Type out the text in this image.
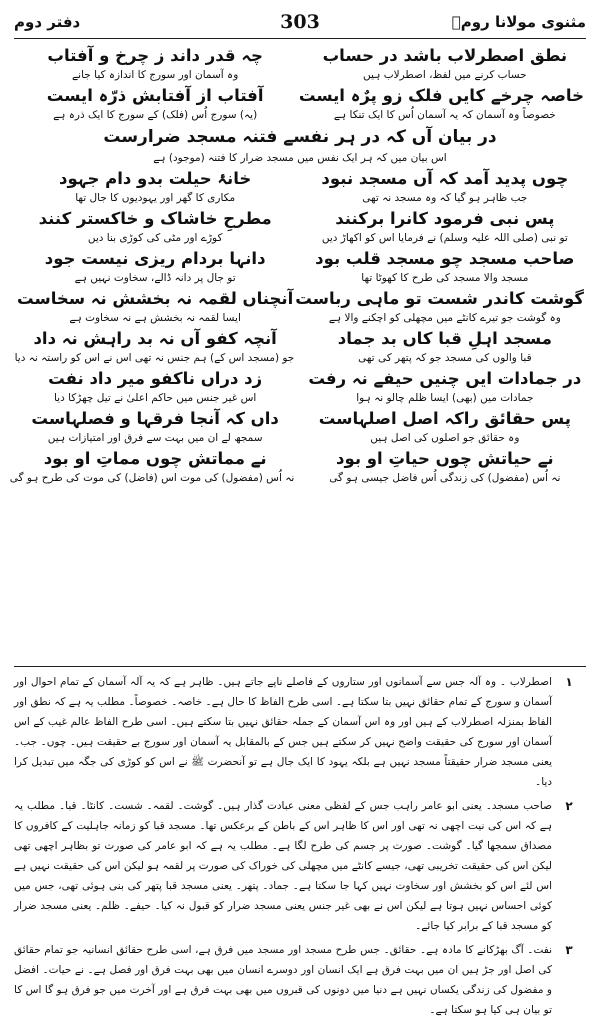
مثنوی مولانا رومؒ
303
دفتر دوم
نطق اصطرلاب باشد در حساب
حساب کرنے میں لفظ، اصطرلاب ہیں
چہ قدر داند ز چرخ و آفتاب
وہ آسمان اور سورج کا اندازہ کیا جانے
خاصہ چرخے کایں فلک زو پرٌہ ایست
خصوصاً وہ آسمان کہ یہ آسمان اُس کا ایک تنکا ہے
آفتاب از آفتابش ذرّہ ایست
(یہ) سورج اُس (فلک) کے سورج کا ایک ذرہ ہے
در بیان آں کہ در ہر نفسے فتنہ مسجد ضرارست
اس بیان میں کہ ہر ایک نفس میں مسجد ضرار کا فتنہ (موجود) ہے
چوں پدید آمد کہ آں مسجد نبود
جب ظاہر ہو گیا کہ وہ مسجد نہ تھی
خانۂ حیلت بدو دام جہود
مکاری کا گھر اور یہودیوں کا جال تھا
پس نبی فرمود کانرا برکنند
تو نبی (صلی اللہ علیہ وسلم) نے فرمایا اس کو اکھاڑ دیں
مطرحِ خاشاک و خاکستر کنند
کوڑے اور مٹی کی کوڑی بنا دیں
صاحب مسجد چو مسجد قلب بود
مسجد والا مسجد کی طرح کا کھوٹا تھا
دانہا بردام ریزی نیست جود
تو جال پر دانہ ڈالے، سخاوت نہیں ہے
گوشت کاندر شست تو ماہی رباست
وہ گوشت جو تیرے کانٹے میں مچھلی کو اچکنے والا ہے
آنچناں لقمہ نہ بخشش نہ سخاست
ایسا لقمہ نہ بخشش ہے نہ سخاوت ہے
مسجد اہلِ قبا کاں بد جماد
قبا والوں کی مسجد جو کہ پتھر کی تھی
آنچہ کفو آں نہ بد راہش نہ داد
جو (مسجد اس کے) ہم جنس نہ تھی اس نے اس کو راستہ نہ دیا
در جمادات ایں چنیں حیفے نہ رفت
جمادات میں (بھی) ایسا ظلم چالو نہ ہوا
زد دراں ناکفو میر داد نفت
اس غیر جنس میں حاکم اعلیٰ نے تیل چھڑکا دیا
پس حقائق راکہ اصل اصلہاست
وہ حقائق جو اصلوں کی اصل ہیں
داں کہ آنجا فرقہا و فصلہاست
سمجھ لے ان میں بہت سے فرق اور امتیازات ہیں
نے حیاتش چوں حیاتِ او بود
نہ اُس (مفضول) کی زندگی اُس فاضل جیسی ہو گی
نے مماتش چوں مماتِ او بود
نہ اُس (مفضول) کی موت اس (فاضل) کی موت کی طرح ہو گی
۱
اصطرلاب ۔ وہ آلہ جس سے آسمانوں اور ستاروں کے فاصلے ناپے جاتے ہیں۔ ظاہر ہے کہ یہ آلہ آسمان کے تمام احوال اور آسمان و سورج کے تمام حقائق نہیں بتا سکتا ہے۔ اسی طرح الفاظ کا حال ہے۔ خاصہ۔ خصوصاً۔ مطلب یہ ہے کہ نطق اور الفاظ بمنزلہ اصطرلاب کے ہیں اور وہ اس آسمان کے جملہ حقائق نہیں بتا سکتے ہیں۔ اسی طرح الفاظ عالم غیب کے اس آسمان اور سورج کی حقیقت واضح نہیں کر سکتے ہیں جس کے بالمقابل یہ آسمان اور سورج بے حقیقت ہیں۔ چوں۔ جب۔ یعنی مسجد ضرار حقیقتاً مسجد نہیں ہے بلکہ یہود کا ایک جال ہے تو آنحضرت ﷺ نے اس کو کوڑی کی جگہ میں تبدیل کرا دیا۔
۲
صاحب مسجد۔ یعنی ابو عامر راہب جس کے لفظی معنی عبادت گذار ہیں۔ گوشت۔ لقمہ۔ شست۔ کانٹا۔ قبا۔ مطلب یہ ہے کہ اس کی نیت اچھی نہ تھی اور اس کا ظاہر اس کے باطن کے برعکس تھا۔ مسجد قبا کو زمانہ جاہلیت کے کافروں کا مصداق سمجھا گیا۔ گوشت۔ صورت پر جسم کی طرح لگا ہے۔ مطلب یہ ہے کہ ابو عامر کی صورت تو بظاہر اچھی تھی لیکن اس کی حقیقت تخریبی تھی، جیسے کانٹے میں مچھلی کی خوراک کی صورت پر لقمہ ہو لیکن اس کی حقیقت نہیں ہے اس لئے اس کو بخشش اور سخاوت نہیں کہا جا سکتا ہے۔ جماد۔ پتھر۔ یعنی مسجد قبا پتھر کی بنی ہوئی تھی، جس میں کوئی احساس نہیں ہوتا ہے لیکن اس نے بھی غیر جنس یعنی مسجد ضرار کو قبول نہ کیا۔ حیفے۔ ظلم۔ یعنی مسجد ضرار کو مسجد قبا کے برابر کیا جائے۔
۳
نفت۔ آگ بھڑکانے کا مادہ ہے۔ حقائق۔ جس طرح مسجد اور مسجد میں فرق ہے، اسی طرح حقائق انسانیہ جو تمام حقائق کی اصل اور جڑ ہیں ان میں بہت فرق ہے ایک انسان اور دوسرے انسان میں بھی بہت فرق اور فصل ہے۔ نے حیات۔ افضل و مفضول کی زندگی یکساں نہیں ہے دنیا میں دونوں کی قبروں میں بھی بہت فرق ہے اور آخرت میں جو فرق ہو گا اس کا تو بیان ہی کیا ہو سکتا ہے۔
